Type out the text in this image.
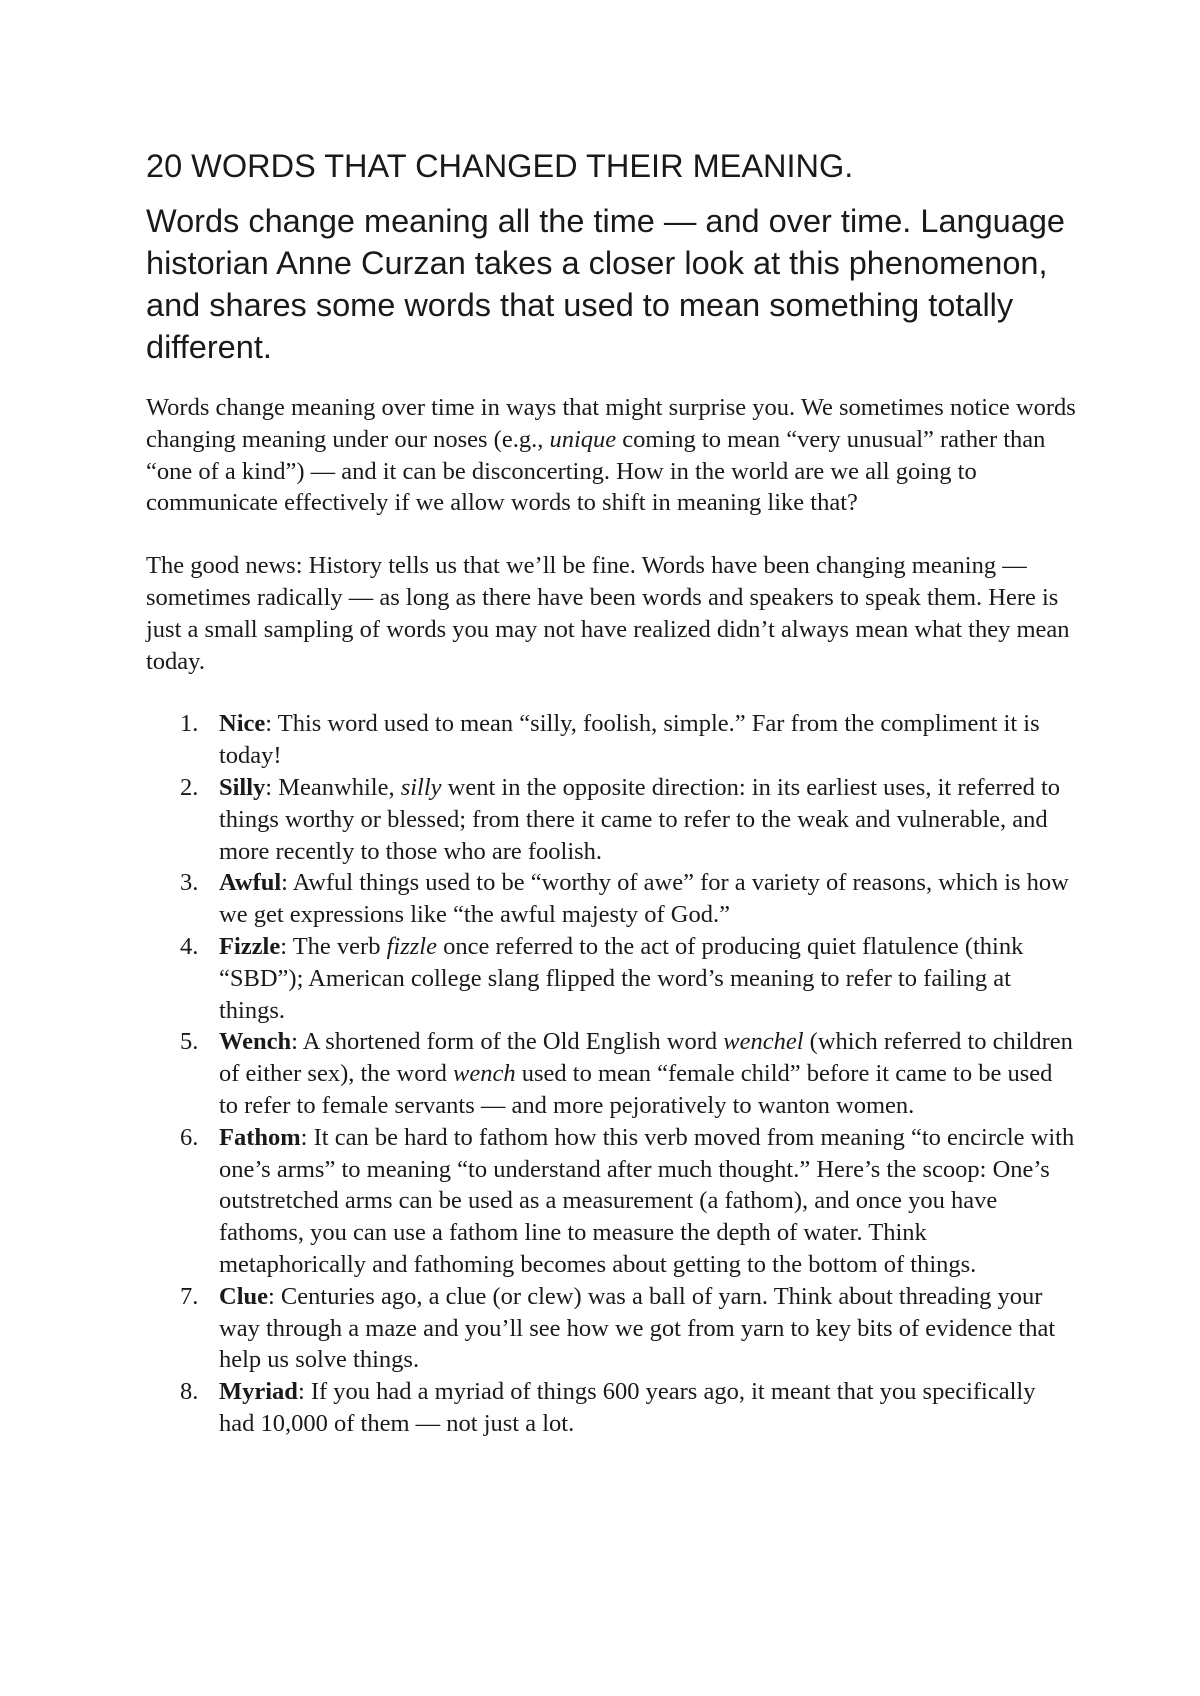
20 WORDS THAT CHANGED THEIR MEANING.

Words change meaning all the time — and over time. Language historian Anne Curzan takes a closer look at this phenomenon, and shares some words that used to mean something totally different.

Words change meaning over time in ways that might surprise you. We sometimes notice words changing meaning under our noses (e.g., unique coming to mean “very unusual” rather than “one of a kind”) — and it can be disconcerting. How in the world are we all going to communicate effectively if we allow words to shift in meaning like that?

The good news: History tells us that we’ll be fine. Words have been changing meaning — sometimes radically — as long as there have been words and speakers to speak them. Here is just a small sampling of words you may not have realized didn’t always mean what they mean today.

1. Nice: This word used to mean “silly, foolish, simple.” Far from the compliment it is today!
2. Silly: Meanwhile, silly went in the opposite direction: in its earliest uses, it referred to things worthy or blessed; from there it came to refer to the weak and vulnerable, and more recently to those who are foolish.
3. Awful: Awful things used to be “worthy of awe” for a variety of reasons, which is how we get expressions like “the awful majesty of God.”
4. Fizzle: The verb fizzle once referred to the act of producing quiet flatulence (think “SBD”); American college slang flipped the word’s meaning to refer to failing at things.
5. Wench: A shortened form of the Old English word wenchel (which referred to children of either sex), the word wench used to mean “female child” before it came to be used to refer to female servants — and more pejoratively to wanton women.
6. Fathom: It can be hard to fathom how this verb moved from meaning “to encircle with one’s arms” to meaning “to understand after much thought.” Here’s the scoop: One’s outstretched arms can be used as a measurement (a fathom), and once you have fathoms, you can use a fathom line to measure the depth of water. Think metaphorically and fathoming becomes about getting to the bottom of things.
7. Clue: Centuries ago, a clue (or clew) was a ball of yarn. Think about threading your way through a maze and you’ll see how we got from yarn to key bits of evidence that help us solve things.
8. Myriad: If you had a myriad of things 600 years ago, it meant that you specifically had 10,000 of them — not just a lot.
